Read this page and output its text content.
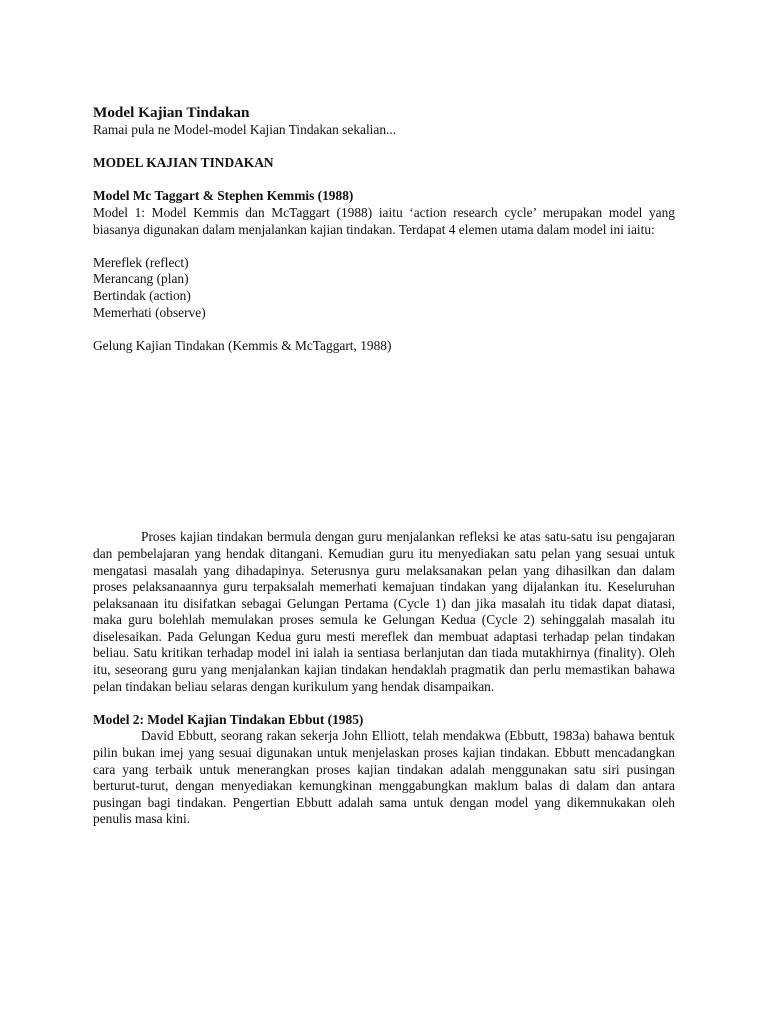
Model Kajian Tindakan

Ramai pula ne Model-model Kajian Tindakan sekalian...

MODEL KAJIAN TINDAKAN

Model Mc Taggart & Stephen Kemmis (1988)

Model 1: Model Kemmis dan McTaggart (1988) iaitu ‘action research cycle’ merupakan model yang biasanya digunakan dalam menjalankan kajian tindakan. Terdapat 4 elemen utama dalam model ini iaitu:

Mereflek (reflect)

Merancang (plan)

Bertindak (action)

Memerhati (observe)

Gelung Kajian Tindakan (Kemmis & McTaggart, 1988)

Proses kajian tindakan bermula dengan guru menjalankan refleksi ke atas satu-satu isu pengajaran dan pembelajaran yang hendak ditangani. Kemudian guru itu menyediakan satu pelan yang sesuai untuk mengatasi masalah yang dihadapinya. Seterusnya guru melaksanakan pelan yang dihasilkan dan dalam proses pelaksanaannya guru terpaksalah memerhati kemajuan tindakan yang dijalankan itu. Keseluruhan pelaksanaan itu disifatkan sebagai Gelungan Pertama (Cycle 1) dan jika masalah itu tidak dapat diatasi, maka guru bolehlah memulakan proses semula ke Gelungan Kedua (Cycle 2) sehinggalah masalah itu diselesaikan. Pada Gelungan Kedua guru mesti mereflek dan membuat adaptasi terhadap pelan tindakan beliau. Satu kritikan terhadap model ini ialah ia sentiasa berlanjutan dan tiada mutakhirnya (finality). Oleh itu, seseorang guru yang menjalankan kajian tindakan hendaklah pragmatik dan perlu memastikan bahawa pelan tindakan beliau selaras dengan kurikulum yang hendak disampaikan.

Model 2: Model Kajian Tindakan Ebbut (1985)

David Ebbutt, seorang rakan sekerja John Elliott, telah mendakwa (Ebbutt, 1983a) bahawa bentuk pilin bukan imej yang sesuai digunakan untuk menjelaskan proses kajian tindakan. Ebbutt mencadangkan cara yang terbaik untuk menerangkan proses kajian tindakan adalah menggunakan satu siri pusingan berturut-turut, dengan menyediakan kemungkinan menggabungkan maklum balas di dalam dan antara pusingan bagi tindakan. Pengertian Ebbutt adalah sama untuk dengan model yang dikemnukakan oleh penulis masa kini.
